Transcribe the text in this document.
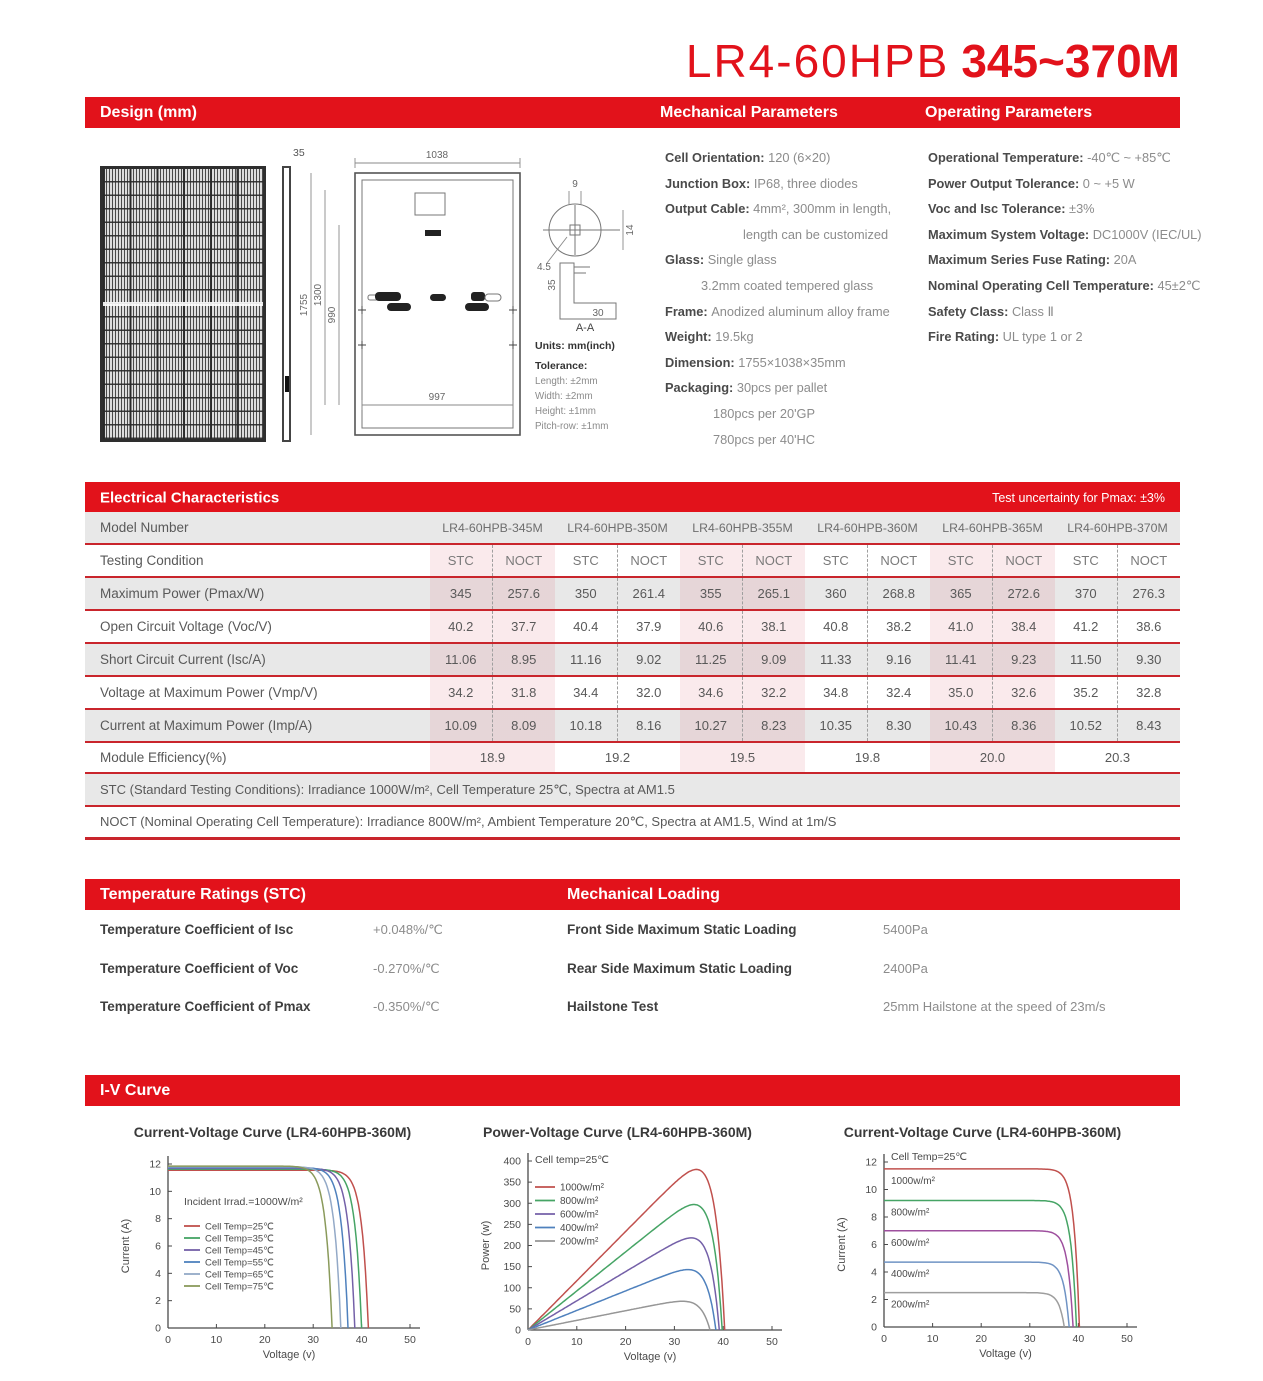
LR4-60HPB 345~370M
Design (mm)	Mechanical Parameters	Operating Parameters
35	1038
997
1755 1300
990
9
14
4.5
35
30
A-A
Units: mm(inch)
Tolerance:
Length: ±2mm
Width: ±2mm
Height: ±1mm
Pitch-row: ±1mm
Cell Orientation: 120 (6×20)
Junction Box: IP68, three diodes
Output Cable: 4mm², 300mm in length,
length can be customized
Glass: Single glass
3.2mm coated tempered glass
Frame: Anodized aluminum alloy frame
Weight: 19.5kg
Dimension: 1755×1038×35mm
Packaging: 30pcs per pallet
180pcs per 20'GP
780pcs per 40'HC
Operational Temperature: -40℃ ~ +85℃
Power Output Tolerance: 0 ~ +5 W
Voc and Isc Tolerance: ±3%
Maximum System Voltage: DC1000V (IEC/UL)
Maximum Series Fuse Rating: 20A
Nominal Operating Cell Temperature: 45±2℃
Safety Class: Class Ⅱ
Fire Rating: UL type 1 or 2
Electrical Characteristics	Test uncertainty for Pmax: ±3%
Model Number	LR4-60HPB-345M	LR4-60HPB-350M	LR4-60HPB-355M	LR4-60HPB-360M	LR4-60HPB-365M	LR4-60HPB-370M
Testing Condition	STC	NOCT	STC	NOCT	STC	NOCT	STC	NOCT	STC	NOCT	STC	NOCT
Maximum Power (Pmax/W)	345	257.6	350	261.4	355	265.1	360	268.8	365	272.6	370	276.3
Open Circuit Voltage (Voc/V)	40.2	37.7	40.4	37.9	40.6	38.1	40.8	38.2	41.0	38.4	41.2	38.6
Short Circuit Current (Isc/A)	11.06	8.95	11.16	9.02	11.25	9.09	11.33	9.16	11.41	9.23	11.50	9.30
Voltage at Maximum Power (Vmp/V)	34.2	31.8	34.4	32.0	34.6	32.2	34.8	32.4	35.0	32.6	35.2	32.8
Current at Maximum Power (Imp/A)	10.09	8.09	10.18	8.16	10.27	8.23	10.35	8.30	10.43	8.36	10.52	8.43
Module Efficiency(%)	18.9	19.2	19.5	19.8	20.0	20.3
STC (Standard Testing Conditions): Irradiance 1000W/m², Cell Temperature 25℃, Spectra at AM1.5
NOCT (Nominal Operating Cell Temperature): Irradiance 800W/m², Ambient Temperature 20℃, Spectra at AM1.5, Wind at 1m/S
Temperature Ratings (STC)	Mechanical Loading
Temperature Coefficient of Isc	+0.048%/℃
Temperature Coefficient of Voc	-0.270%/℃
Temperature Coefficient of Pmax	-0.350%/℃
Front Side Maximum Static Loading	5400Pa
Rear Side Maximum Static Loading	2400Pa
Hailstone Test	25mm Hailstone at the speed of 23m/s
I-V Curve
Current-Voltage Curve (LR4-60HPB-360M)	Power-Voltage Curve (LR4-60HPB-360M)	Current-Voltage Curve (LR4-60HPB-360M)
0	10	20	30	40	50
0
2
4
6
8
10
12
Voltage (v)
Current (A)
Incident Irrad.=1000W/m²
Cell Temp=25℃
Cell Temp=35℃
Cell Temp=45℃
Cell Temp=55℃
Cell Temp=65℃
Cell Temp=75℃
0	10	20	30	40	50
0
50
100
150
200
250
300
350
400
Voltage (v)
Power (w)
Cell temp=25℃
1000w/m²
800w/m²
600w/m²
400w/m²
200w/m²
0	10	20	30	40	50
0
2
4
6
8
10
12
Voltage (v)
Current (A)
Cell Temp=25℃
1000w/m²
800w/m²
600w/m²
400w/m²
200w/m²
